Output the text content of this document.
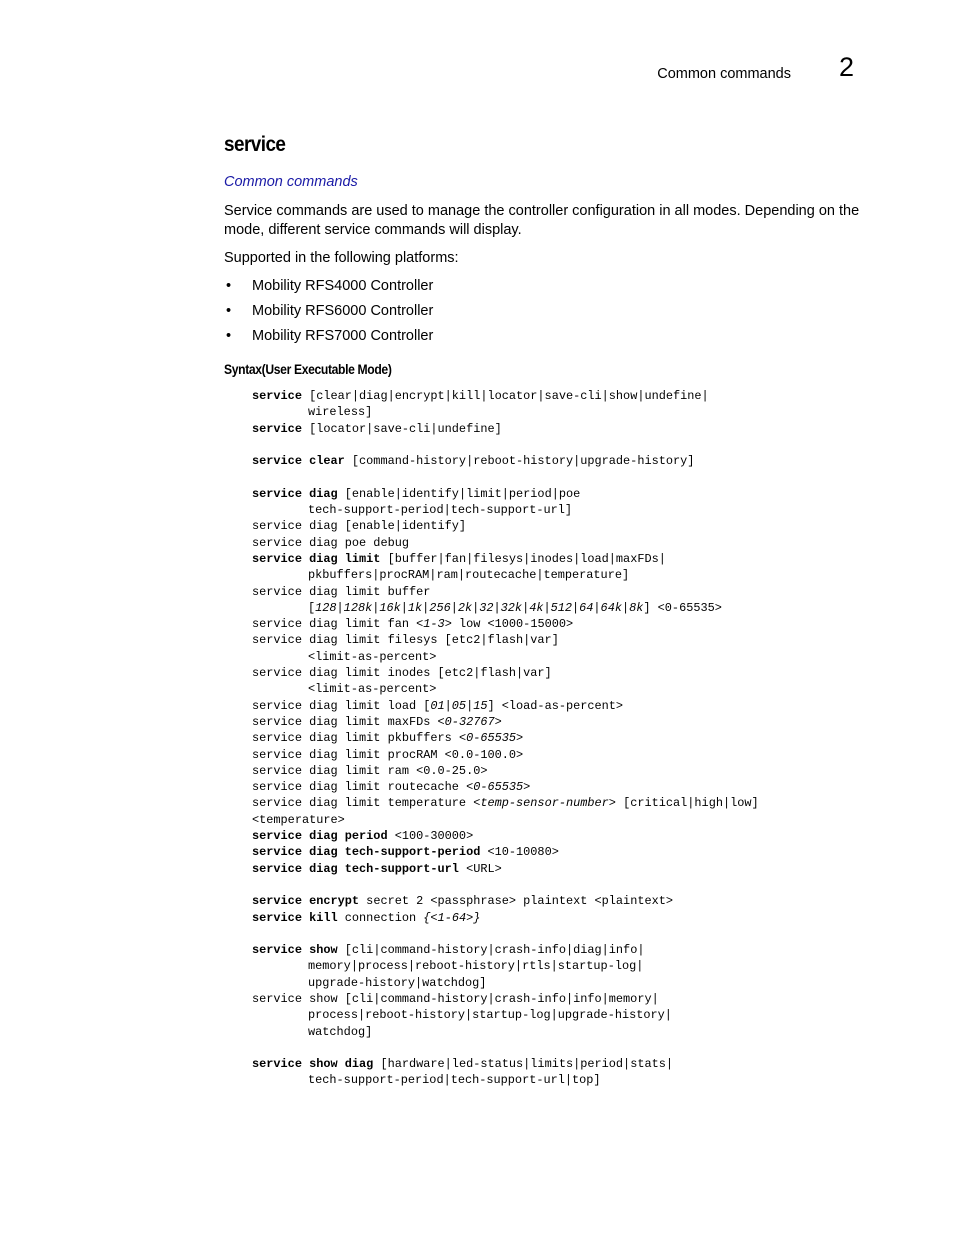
Common commands 2
service
Common commands
Service commands are used to manage the controller configuration in all modes. Depending on the mode, different service commands will display.
Supported in the following platforms:
• Mobility RFS4000 Controller
• Mobility RFS6000 Controller
• Mobility RFS7000 Controller
Syntax(User Executable Mode)
service [clear|diag|encrypt|kill|locator|save-cli|show|undefine|
wireless]
service [locator|save-cli|undefine]
service clear [command-history|reboot-history|upgrade-history]
service diag [enable|identify|limit|period|poe
tech-support-period|tech-support-url]
service diag [enable|identify]
service diag poe debug
service diag limit [buffer|fan|filesys|inodes|load|maxFDs|
pkbuffers|procRAM|ram|routecache|temperature]
service diag limit buffer
[128|128k|16k|1k|256|2k|32|32k|4k|512|64|64k|8k] <0-65535>
service diag limit fan <1-3> low <1000-15000>
service diag limit filesys [etc2|flash|var]
<limit-as-percent>
service diag limit inodes [etc2|flash|var]
<limit-as-percent>
service diag limit load [01|05|15] <load-as-percent>
service diag limit maxFDs <0-32767>
service diag limit pkbuffers <0-65535>
service diag limit procRAM <0.0-100.0>
service diag limit ram <0.0-25.0>
service diag limit routecache <0-65535>
service diag limit temperature <temp-sensor-number> [critical|high|low]
<temperature>
service diag period <100-30000>
service diag tech-support-period <10-10080>
service diag tech-support-url <URL>
service encrypt secret 2 <passphrase> plaintext <plaintext>
service kill connection {<1-64>}
service show [cli|command-history|crash-info|diag|info|
memory|process|reboot-history|rtls|startup-log|
upgrade-history|watchdog]
service show [cli|command-history|crash-info|info|memory|
process|reboot-history|startup-log|upgrade-history|
watchdog]
service show diag [hardware|led-status|limits|period|stats|
tech-support-period|tech-support-url|top]
